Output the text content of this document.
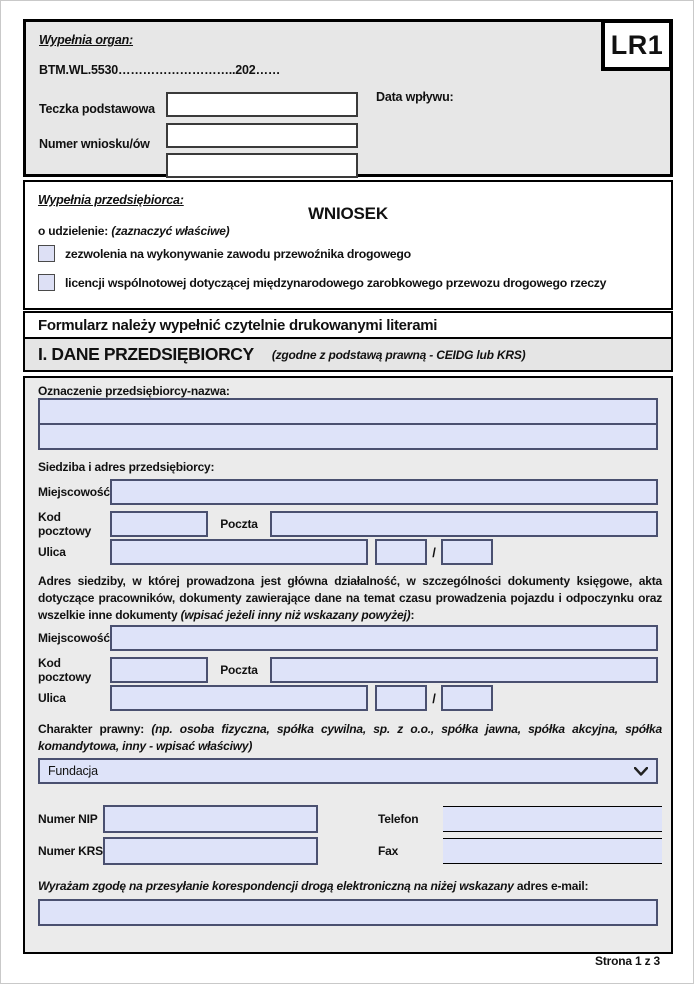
Wypełnia organ:	LR1
BTM.WL.5530………………………..202……
Teczka podstawowa
Data wpływu:
Numer wniosku/ów
Wypełnia przedsiębiorca:
WNIOSEK
o udzielenie: (zaznaczyć właściwe)
zezwolenia na wykonywanie zawodu przewoźnika drogowego
licencji wspólnotowej dotyczącej międzynarodowego zarobkowego przewozu drogowego rzeczy
Formularz należy wypełnić czytelnie drukowanymi literami
I. DANE PRZEDSIĘBIORCY (zgodne z podstawą prawną - CEIDG lub KRS)
Oznaczenie przedsiębiorcy-nazwa:
Siedziba i adres przedsiębiorcy:
Miejscowość
Kod pocztowy	Poczta
Ulica	/
Adres siedziby, w której prowadzona jest główna działalność, w szczególności dokumenty księgowe, akta dotyczące pracowników, dokumenty zawierające dane na temat czasu prowadzenia pojazdu i odpoczynku oraz wszelkie inne dokumenty (wpisać jeżeli inny niż wskazany powyżej):
Miejscowość
Kod pocztowy	Poczta
Ulica	/
Charakter prawny: (np. osoba fizyczna, spółka cywilna, sp. z o.o., spółka jawna, spółka akcyjna, spółka komandytowa, inny - wpisać właściwy)
Fundacja
Numer NIP	Telefon
Numer KRS	Fax
Wyrażam zgodę na przesyłanie korespondencji drogą elektroniczną na niżej wskazany adres e-mail:
Strona 1 z 3
